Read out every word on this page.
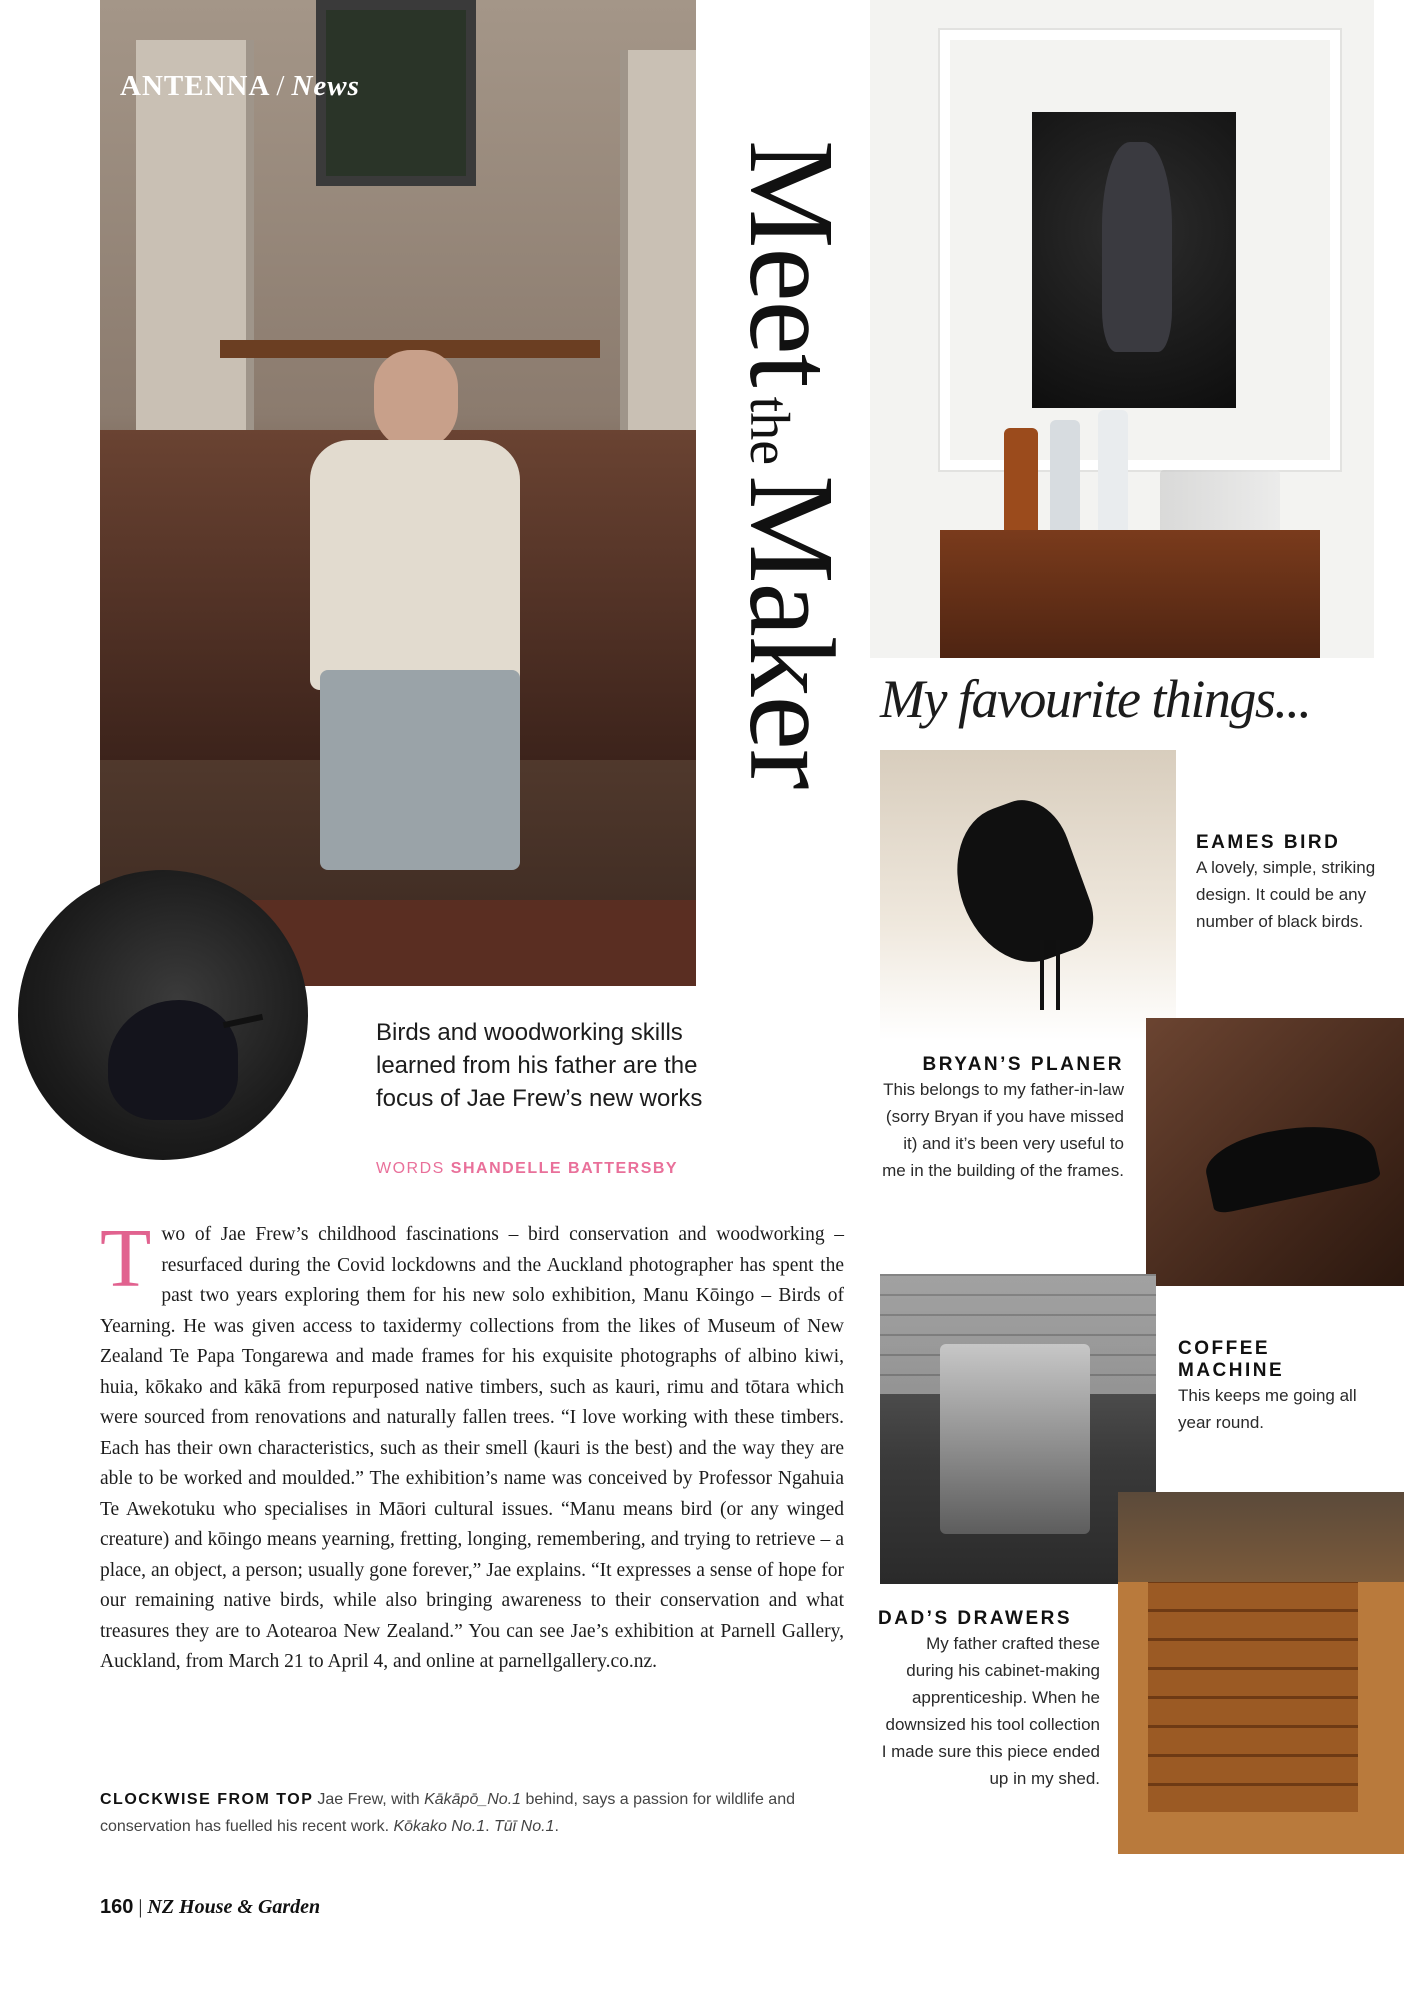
ANTENNA / News
MeettheMaker My favourite things...
Birds and woodworking skills learned from his father are the focus of Jae Frew’s new works
WORDS SHANDELLE BATTERSBY

Two of Jae Frew’s childhood fascinations – bird conservation and woodworking – resurfaced during the Covid lockdowns and the Auckland photographer has spent the past two years exploring them for his new solo exhibition, Manu Kōingo – Birds of Yearning. He was given access to taxidermy collections from the likes of Museum of New Zealand Te Papa Tongarewa and made frames for his exquisite photographs of albino kiwi, huia, kōkako and kākā from repurposed native timbers, such as kauri, rimu and tōtara which were sourced from renovations and naturally fallen trees. “I love working with these timbers. Each has their own characteristics, such as their smell (kauri is the best) and the way they are able to be worked and moulded.” The exhibition’s name was conceived by Professor Ngahuia Te Awekotuku who specialises in Māori cultural issues. “Manu means bird (or any winged creature) and kōingo means yearning, fretting, longing, remembering, and trying to retrieve – a place, an object, a person; usually gone forever,” Jae explains. “It expresses a sense of hope for our remaining native birds, while also bringing awareness to their conservation and what treasures they are to Aotearoa New Zealand.” You can see Jae’s exhibition at Parnell Gallery, Auckland, from March 21 to April 4, and online at parnellgallery.co.nz.

CLOCKWISE FROM TOP Jae Frew, with Kākāpō_No.1 behind, says a passion for wildlife and conservation has fuelled his recent work. Kōkako No.1. Tūī No.1.
160 | NZ House & Garden
EAMES BIRD
A lovely, simple, striking design. It could be any number of black birds.
BRYAN’S PLANER
This belongs to my father-in-law (sorry Bryan if you have missed it) and it’s been very useful to me in the building of the frames.
COFFEE MACHINE
This keeps me going all year round.
DAD’S DRAWERS
My father crafted these during his cabinet-making apprenticeship. When he downsized his tool collection I made sure this piece ended up in my shed.
